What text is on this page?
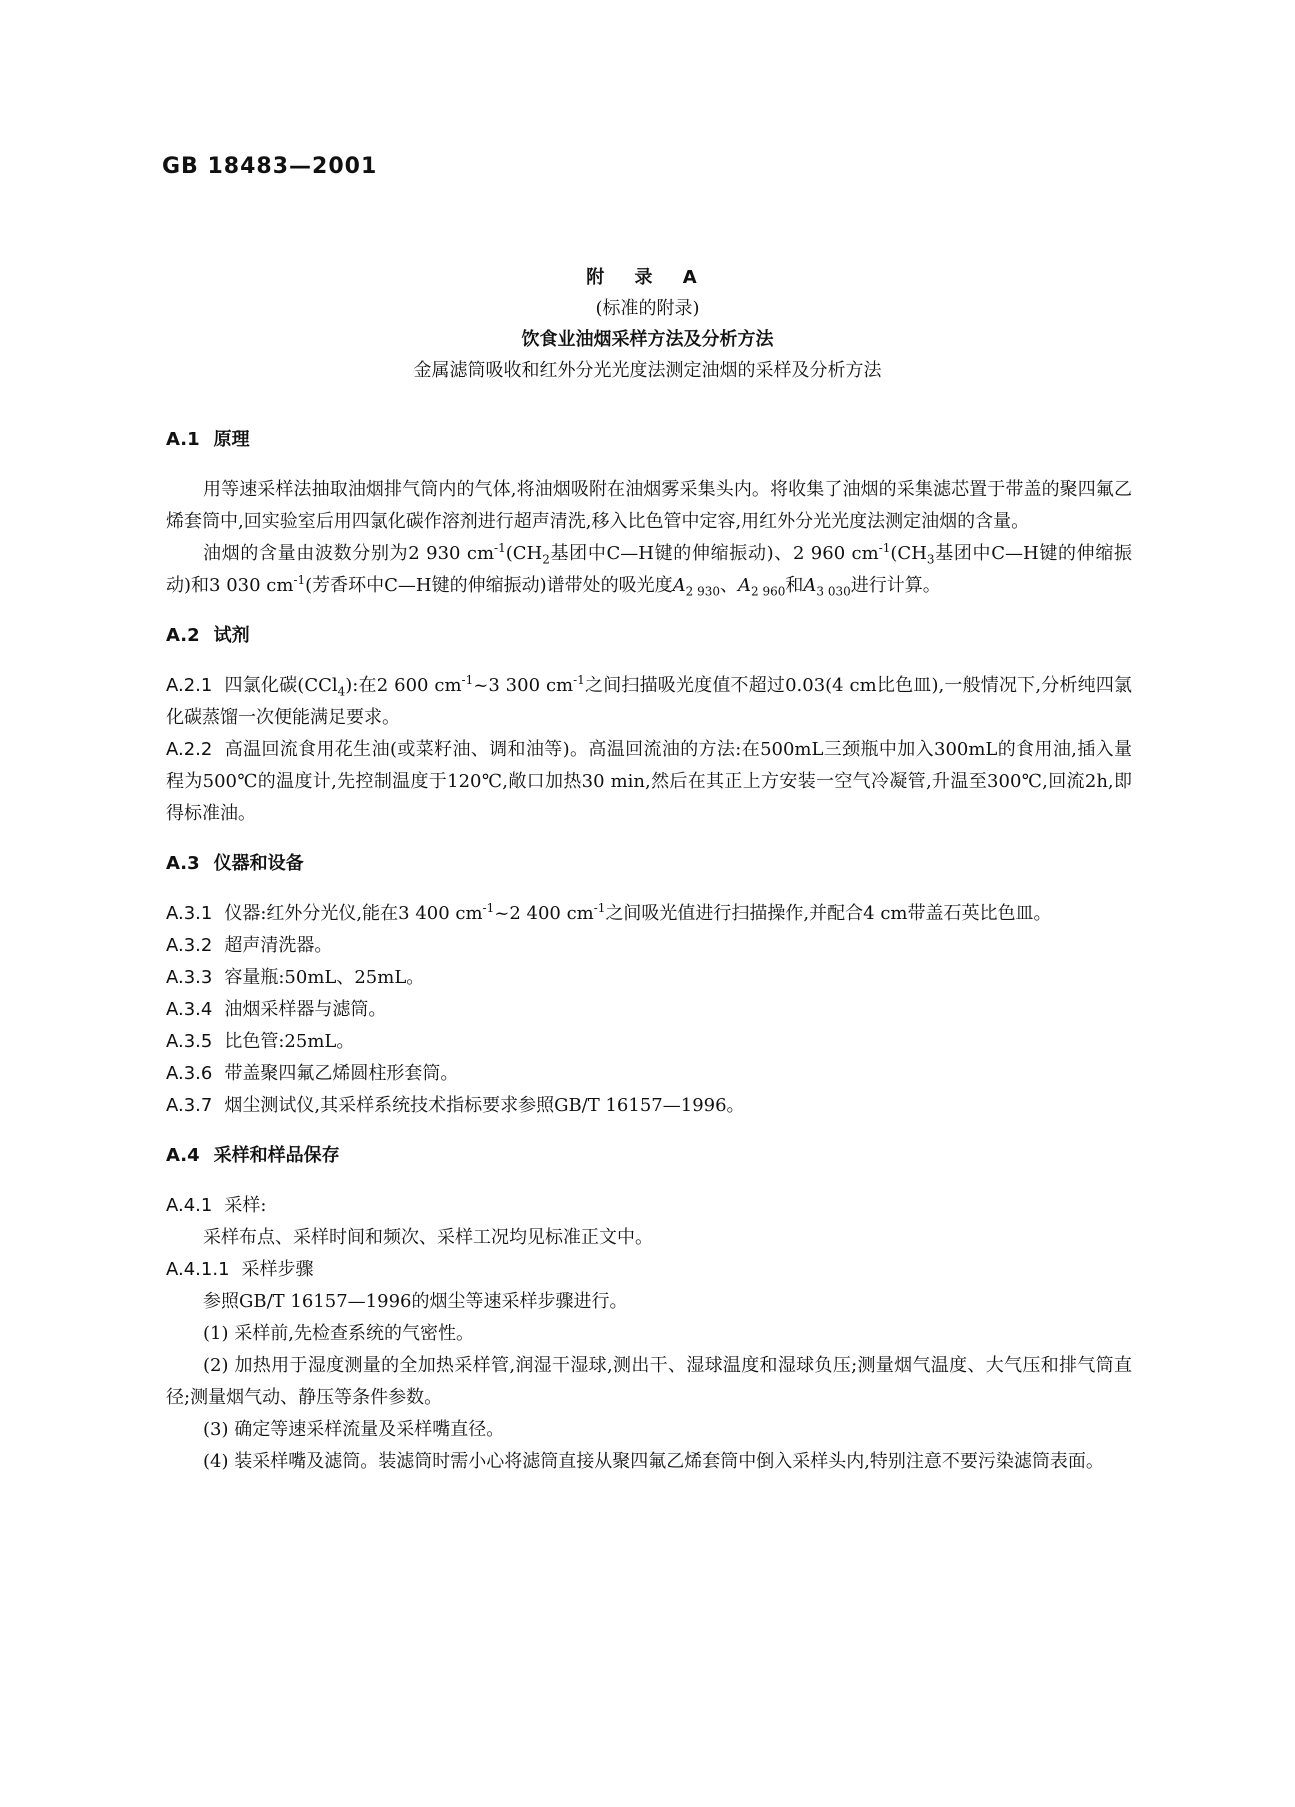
GB 18483—2001
附 录 A
(标准的附录)
饮食业油烟采样方法及分析方法
金属滤筒吸收和红外分光光度法测定油烟的采样及分析方法
A.1 原理
用等速采样法抽取油烟排气筒内的气体,将油烟吸附在油烟雾采集头内。将收集了油烟的采集滤芯置于带盖的聚四氟乙烯套筒中,回实验室后用四氯化碳作溶剂进行超声清洗,移入比色管中定容,用红外分光光度法测定油烟的含量。
油烟的含量由波数分别为2 930 $cm^{-1}(CH_2$基团中C—H键的伸缩振动)、2 960 $cm^{-1}(CH_3$基团中C—H键的伸缩振动)和3 030 $cm^{-1}$(芳香环中C—H键的伸缩振动)谱带处的吸光度$A_{2 930}$、$A_{2 960}$和$A_{3 030}$进行计算。
A.2 试剂
A.2.1 四氯化碳(CCl$_4$):在2 600 $cm^{-1}\sim 3$ 300 $cm^{-1}$之间扫描吸光度值不超过0.03(4 cm比色皿),一般情况下,分析纯四氯化碳蒸馏一次便能满足要求。
A.2.2 高温回流食用花生油(或菜籽油、调和油等)。高温回流油的方法:在500mL三颈瓶中加入300mL的食用油,插入量程为500℃的温度计,先控制温度于120℃,敞口加热30 min,然后在其正上方安装一空气冷凝管,升温至300℃,回流2h,即得标准油。
A.3 仪器和设备
A.3.1 仪器:红外分光仪,能在3 400 $cm^{-1}\sim 2$ 400 $cm^{-1}$之间吸光值进行扫描操作,并配合4 cm带盖石英比色皿。
A.3.2 超声清洗器。
A.3.3 容量瓶:50mL、25mL。
A.3.4 油烟采样器与滤筒。
A.3.5 比色管:25mL。
A.3.6 带盖聚四氟乙烯圆柱形套筒。
A.3.7 烟尘测试仪,其采样系统技术指标要求参照GB/T 16157—1996。
A.4 采样和样品保存
A.4.1 采样:
采样布点、采样时间和频次、采样工况均见标准正文中。
A.4.1.1 采样步骤
参照GB/T 16157—1996的烟尘等速采样步骤进行。
(1) 采样前,先检查系统的气密性。
(2) 加热用于湿度测量的全加热采样管,润湿干湿球,测出干、湿球温度和湿球负压;测量烟气温度、大气压和排气筒直径;测量烟气动、静压等条件参数。
(3) 确定等速采样流量及采样嘴直径。
(4) 装采样嘴及滤筒。装滤筒时需小心将滤筒直接从聚四氟乙烯套筒中倒入采样头内,特别注意不要污染滤筒表面。
